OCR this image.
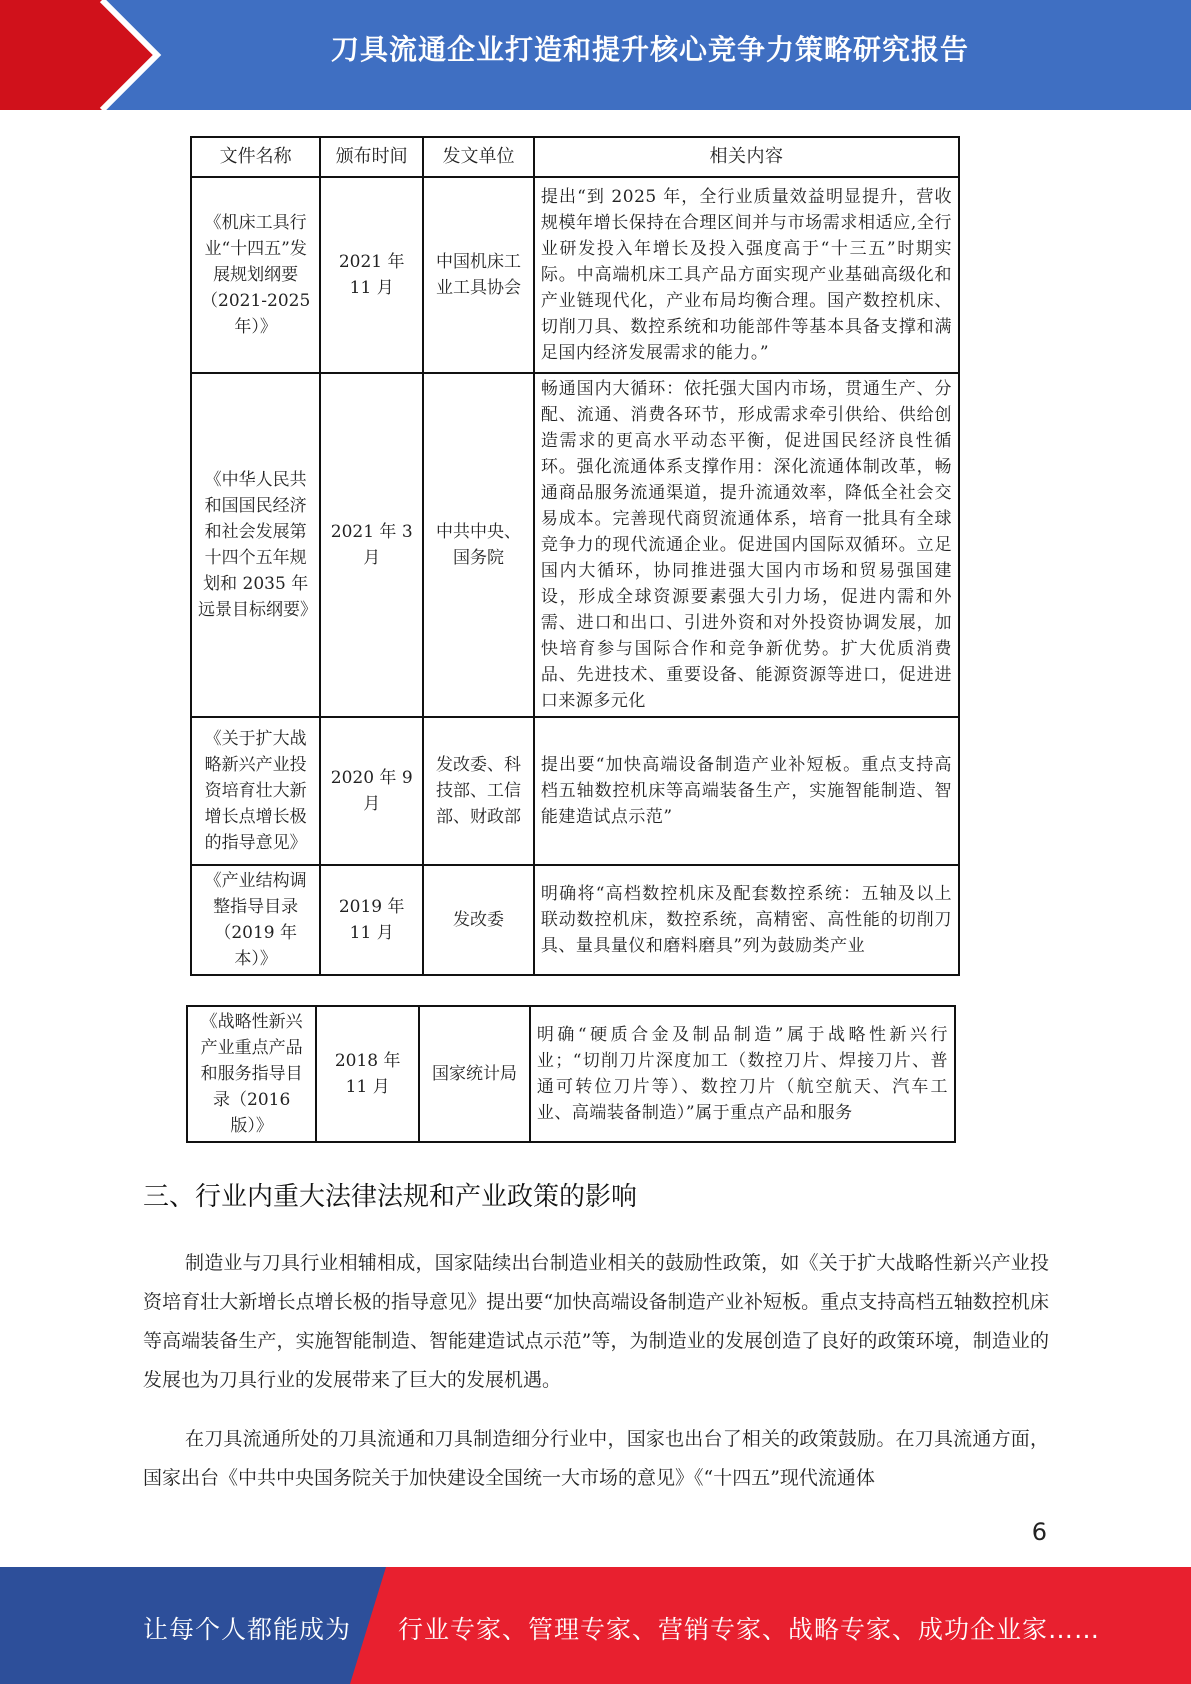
刀具流通企业打造和提升核心竞争力策略研究报告
文件名称	颁布时间	发文单位	相关内容
《机床工具行业“十四五”发展规划纲要（2021-2025年）》	2021 年 11 月	中国机床工业工具协会	提出“到 2025 年，全行业质量效益明显提升，营收规模年增长保持在合理区间并与市场需求相适应,全行业研发投入年增长及投入强度高于“十三五”时期实际。中高端机床工具产品方面实现产业基础高级化和产业链现代化，产业布局均衡合理。国产数控机床、切削刀具、数控系统和功能部件等基本具备支撑和满足国内经济发展需求的能力。”
《中华人民共和国国民经济和社会发展第十四个五年规划和 2035 年远景目标纲要》	2021 年 3 月	中共中央、国务院	畅通国内大循环：依托强大国内市场，贯通生产、分配、流通、消费各环节，形成需求牵引供给、供给创造需求的更高水平动态平衡，促进国民经济良性循环。强化流通体系支撑作用：深化流通体制改革，畅通商品服务流通渠道，提升流通效率，降低全社会交易成本。完善现代商贸流通体系，培育一批具有全球竞争力的现代流通企业。促进国内国际双循环。立足国内大循环，协同推进强大国内市场和贸易强国建设，形成全球资源要素强大引力场，促进内需和外需、进口和出口、引进外资和对外投资协调发展，加快培育参与国际合作和竞争新优势。扩大优质消费品、先进技术、重要设备、能源资源等进口，促进进口来源多元化
《关于扩大战略新兴产业投资培育壮大新增长点增长极的指导意见》	2020 年 9 月	发改委、科技部、工信部、财政部	提出要“加快高端设备制造产业补短板。重点支持高档五轴数控机床等高端装备生产，实施智能制造、智能建造试点示范”
《产业结构调整指导目录（2019 年本）》	2019 年 11 月	发改委	明确将“高档数控机床及配套数控系统：五轴及以上联动数控机床，数控系统，高精密、高性能的切削刀具、量具量仪和磨料磨具”列为鼓励类产业
《战略性新兴产业重点产品和服务指导目录（2016 版）》	2018 年 11 月	国家统计局	明确“硬质合金及制品制造”属于战略性新兴行业；“切削刀片深度加工（数控刀片、焊接刀片、普通可转位刀片等）、数控刀片（航空航天、汽车工业、高端装备制造）”属于重点产品和服务
三、行业内重大法律法规和产业政策的影响
制造业与刀具行业相辅相成，国家陆续出台制造业相关的鼓励性政策，如《关于扩大战略性新兴产业投资培育壮大新增长点增长极的指导意见》提出要“加快高端设备制造产业补短板。重点支持高档五轴数控机床等高端装备生产，实施智能制造、智能建造试点示范”等，为制造业的发展创造了良好的政策环境，制造业的发展也为刀具行业的发展带来了巨大的发展机遇。
在刀具流通所处的刀具流通和刀具制造细分行业中，国家也出台了相关的政策鼓励。在刀具流通方面，国家出台《中共中央国务院关于加快建设全国统一大市场的意见》《“十四五”现代流通体
6
让每个人都能成为 行业专家、管理专家、营销专家、战略专家、成功企业家……
